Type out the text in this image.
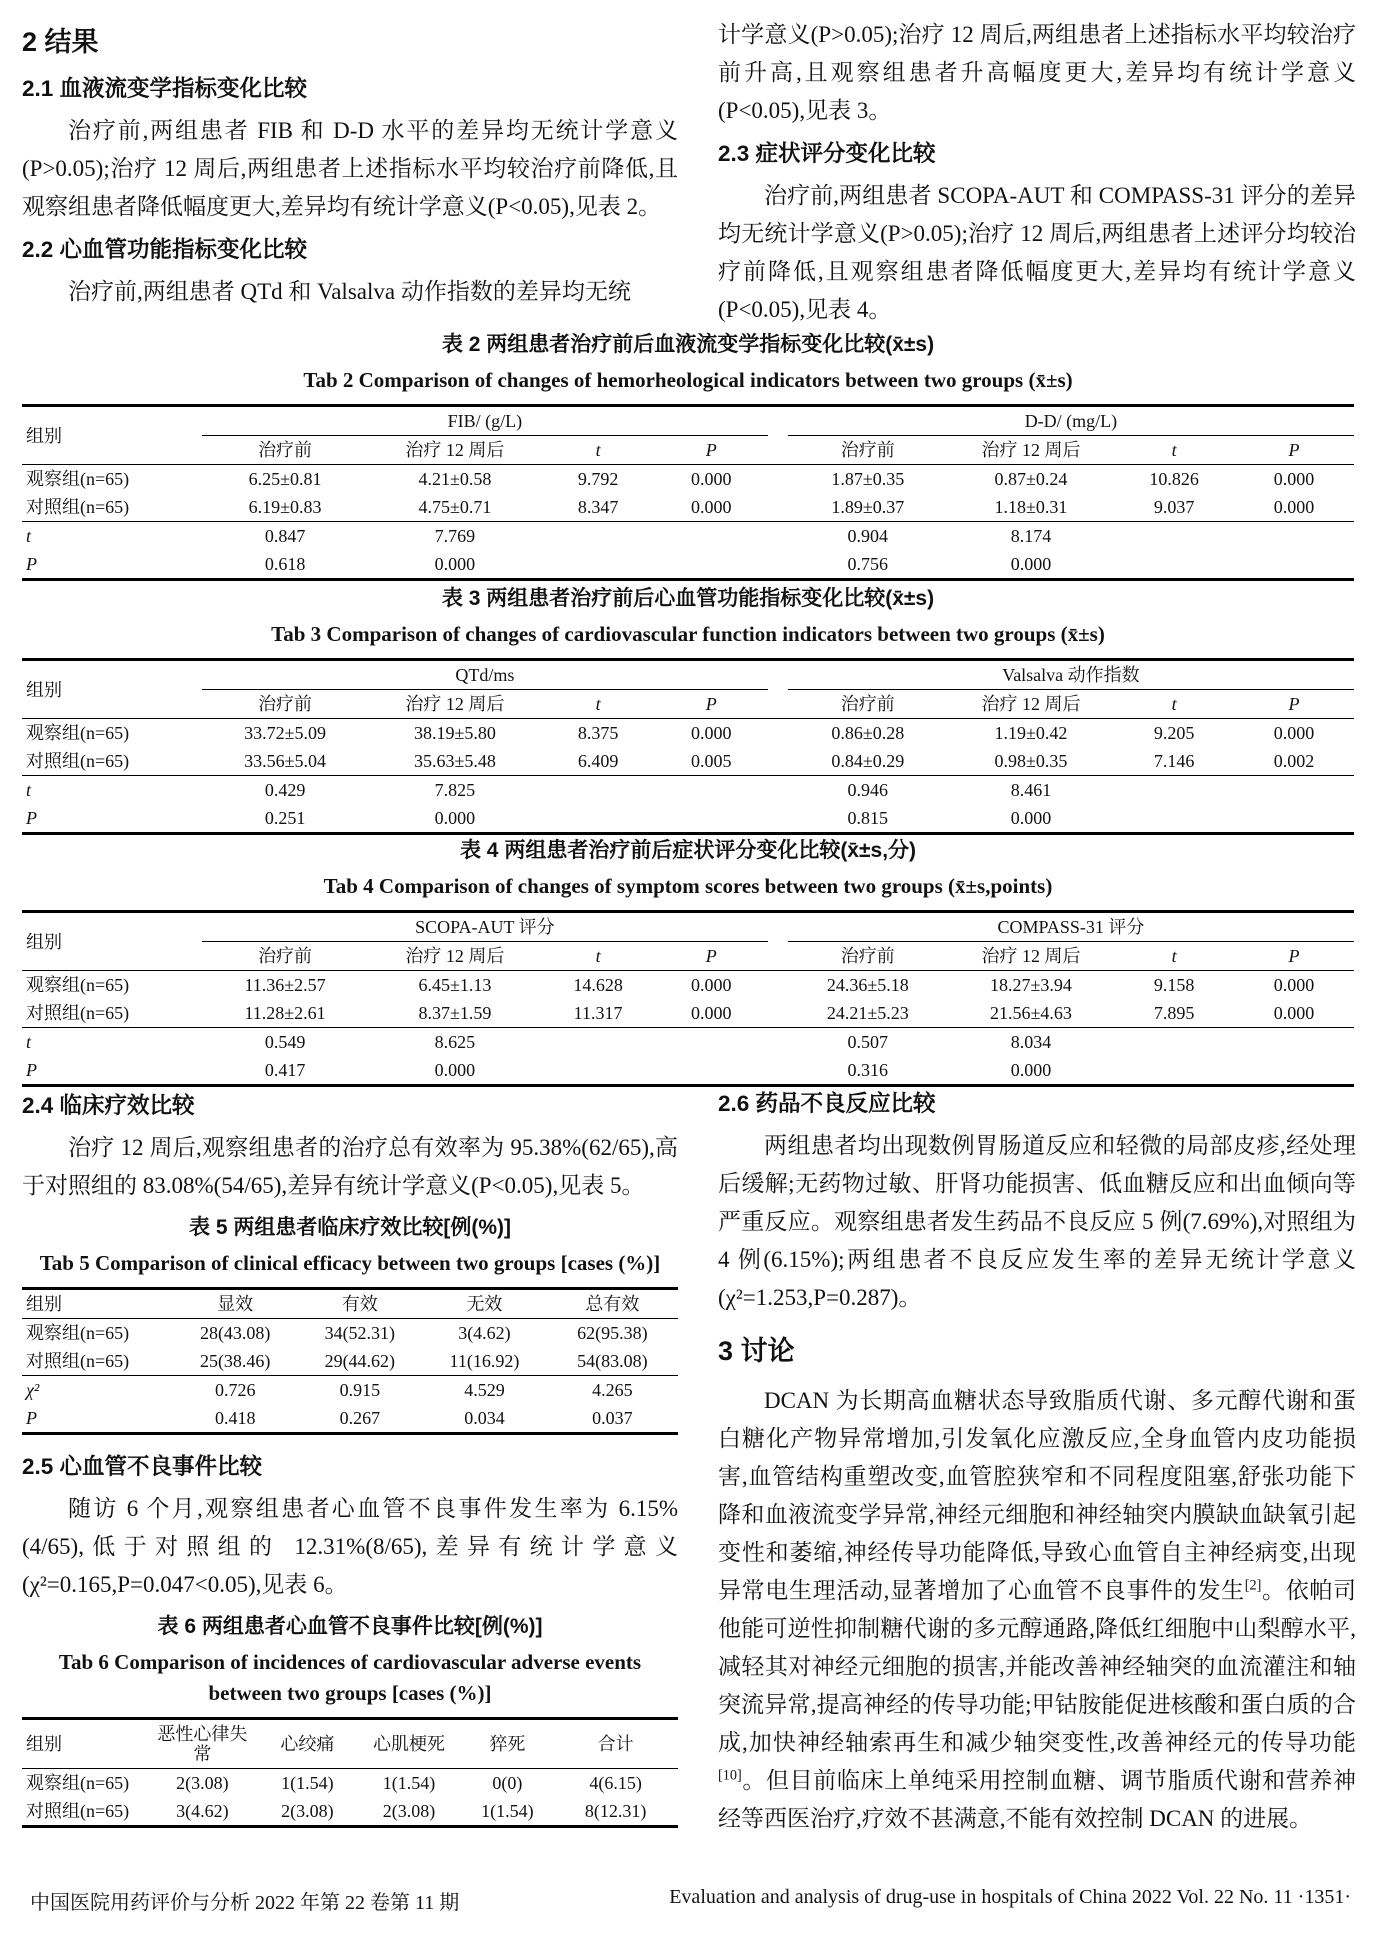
2 结果
2.1 血液流变学指标变化比较

治疗前,两组患者 FIB 和 D-D 水平的差异均无统计学意义(P>0.05);治疗 12 周后,两组患者上述指标水平均较治疗前降低,且观察组患者降低幅度更大,差异均有统计学意义(P<0.05),见表 2。

2.2 心血管功能指标变化比较

治疗前,两组患者 QTd 和 Valsalva 动作指数的差异均无统

计学意义(P>0.05);治疗 12 周后,两组患者上述指标水平均较治疗前升高,且观察组患者升高幅度更大,差异均有统计学意义(P<0.05),见表 3。

2.3 症状评分变化比较

治疗前,两组患者 SCOPA-AUT 和 COMPASS-31 评分的差异均无统计学意义(P>0.05);治疗 12 周后,两组患者上述评分均较治疗前降低,且观察组患者降低幅度更大,差异均有统计学意义(P<0.05),见表 4。

表 2 两组患者治疗前后血液流变学指标变化比较(x̄±s)
Tab 2 Comparison of changes of hemorheological indicators between two groups (x̄±s)
组别	FIB/ (g/L)					D-D/ (mg/L)			
	治疗前	治疗 12 周后	t	P		治疗前	治疗 12 周后	t	P
观察组(n=65)	6.25±0.81	4.21±0.58	9.792	0.000		1.87±0.35	0.87±0.24	10.826	0.000
对照组(n=65)	6.19±0.83	4.75±0.71	8.347	0.000		1.89±0.37	1.18±0.31	9.037	0.000
t	0.847	7.769				0.904	8.174		
P	0.618	0.000				0.756	0.000		
表 3 两组患者治疗前后心血管功能指标变化比较(x̄±s)
Tab 3 Comparison of changes of cardiovascular function indicators between two groups (x̄±s)
组别	QTd/ms					Valsalva 动作指数			
	治疗前	治疗 12 周后	t	P		治疗前	治疗 12 周后	t	P
观察组(n=65)	33.72±5.09	38.19±5.80	8.375	0.000		0.86±0.28	1.19±0.42	9.205	0.000
对照组(n=65)	33.56±5.04	35.63±5.48	6.409	0.005		0.84±0.29	0.98±0.35	7.146	0.002
t	0.429	7.825				0.946	8.461		
P	0.251	0.000				0.815	0.000		
表 4 两组患者治疗前后症状评分变化比较(x̄±s,分)
Tab 4 Comparison of changes of symptom scores between two groups (x̄±s,points)
组别	SCOPA-AUT 评分					COMPASS-31 评分			
	治疗前	治疗 12 周后	t	P		治疗前	治疗 12 周后	t	P
观察组(n=65)	11.36±2.57	6.45±1.13	14.628	0.000		24.36±5.18	18.27±3.94	9.158	0.000
对照组(n=65)	11.28±2.61	8.37±1.59	11.317	0.000		24.21±5.23	21.56±4.63	7.895	0.000
t	0.549	8.625				0.507	8.034		
P	0.417	0.000				0.316	0.000		
2.4 临床疗效比较

治疗 12 周后,观察组患者的治疗总有效率为 95.38%(62/65),高于对照组的 83.08%(54/65),差异有统计学意义(P<0.05),见表 5。

表 5 两组患者临床疗效比较[例(%)]
Tab 5 Comparison of clinical efficacy between two groups [cases (%)]
组别	显效	有效	无效	总有效
观察组(n=65)	28(43.08)	34(52.31)	3(4.62)	62(95.38)
对照组(n=65)	25(38.46)	29(44.62)	11(16.92)	54(83.08)
χ²	0.726	0.915	4.529	4.265
P	0.418	0.267	0.034	0.037
2.5 心血管不良事件比较

随访 6 个月,观察组患者心血管不良事件发生率为 6.15%(4/65),低于对照组的 12.31%(8/65),差异有统计学意义(χ²=0.165,P=0.047<0.05),见表 6。

表 6 两组患者心血管不良事件比较[例(%)]
Tab 6 Comparison of incidences of cardiovascular adverse events between two groups [cases (%)]
组别	恶性心律失常	心绞痛	心肌梗死	猝死	合计
观察组(n=65)	2(3.08)	1(1.54)	1(1.54)	0(0)	4(6.15)
对照组(n=65)	3(4.62)	2(3.08)	2(3.08)	1(1.54)	8(12.31)
2.6 药品不良反应比较

两组患者均出现数例胃肠道反应和轻微的局部皮疹,经处理后缓解;无药物过敏、肝肾功能损害、低血糖反应和出血倾向等严重反应。观察组患者发生药品不良反应 5 例(7.69%),对照组为 4 例(6.15%);两组患者不良反应发生率的差异无统计学意义(χ²=1.253,P=0.287)。

3 讨论

DCAN 为长期高血糖状态导致脂质代谢、多元醇代谢和蛋白糖化产物异常增加,引发氧化应激反应,全身血管内皮功能损害,血管结构重塑改变,血管腔狭窄和不同程度阻塞,舒张功能下降和血液流变学异常,神经元细胞和神经轴突内膜缺血缺氧引起变性和萎缩,神经传导功能降低,导致心血管自主神经病变,出现异常电生理活动,显著增加了心血管不良事件的发生[2]。依帕司他能可逆性抑制糖代谢的多元醇通路,降低红细胞中山梨醇水平,减轻其对神经元细胞的损害,并能改善神经轴突的血流灌注和轴突流异常,提高神经的传导功能;甲钴胺能促进核酸和蛋白质的合成,加快神经轴索再生和减少轴突变性,改善神经元的传导功能[10]。但目前临床上单纯采用控制血糖、调节脂质代谢和营养神经等西医治疗,疗效不甚满意,不能有效控制 DCAN 的进展。

中国医院用药评价与分析 2022 年第 22 卷第 11 期	Evaluation and analysis of drug-use in hospitals of China 2022 Vol. 22 No. 11 ·1351·
